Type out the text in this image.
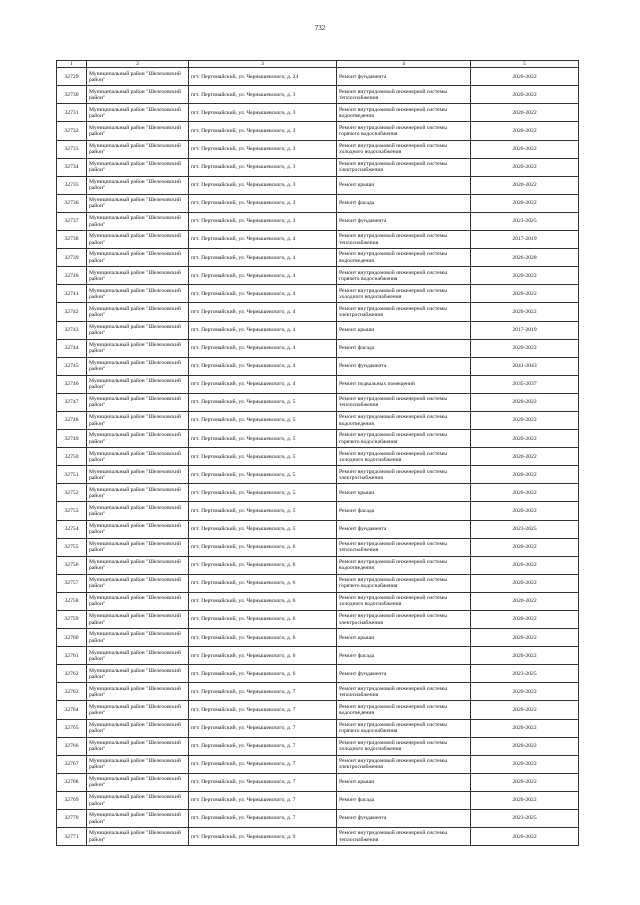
732
1	2	3	4	5
32729	Муниципальный район "Шелеховский район"	пгт. Пертомайский, ул. Чернышевского, д. 24	Ремонт фундамента	2020-2022
32730	Муниципальный район "Шелеховский район"	пгт. Пертомайский, ул. Чернышевского, д. 3	Ремонт внутридомовой инженерной системы теплоснабжения	2020-2022
32731	Муниципальный район "Шелеховский район"	пгт. Пертомайский, ул. Чернышевского, д. 3	Ремонт внутридомовой инженерной системы водоотведения	2020-2022
32732	Муниципальный район "Шелеховский район"	пгт. Пертомайский, ул. Чернышевского, д. 3	Ремонт внутридомовой инженерной системы горячего водоснабжения	2020-2022
32733	Муниципальный район "Шелеховский район"	пгт. Пертомайский, ул. Чернышевского, д. 3	Ремонт внутридомовой инженерной системы холодного водоснабжения	2020-2022
32734	Муниципальный район "Шелеховский район"	пгт. Пертомайский, ул. Чернышевского, д. 3	Ремонт внутридомовой инженерной системы электроснабжения	2020-2022
32735	Муниципальный район "Шелеховский район"	пгт. Пертомайский, ул. Чернышевского, д. 3	Ремонт крыши	2020-2022
32736	Муниципальный район "Шелеховский район"	пгт. Пертомайский, ул. Чернышевского, д. 3	Ремонт фасада	2020-2022
32737	Муниципальный район "Шелеховский район"	пгт. Пертомайский, ул. Чернышевского, д. 3	Ремонт фундамента	2023-2025
32738	Муниципальный район "Шелеховский район"	пгт. Пертомайский, ул. Чернышевского, д. 4	Ремонт внутридомовой инженерной системы теплоснабжения	2017-2019
32739	Муниципальный район "Шелеховский район"	пгт. Пертомайский, ул. Чернышевского, д. 4	Ремонт внутридомовой инженерной системы водоотведения	2026-2028
32740	Муниципальный район "Шелеховский район"	пгт. Пертомайский, ул. Чернышевского, д. 4	Ремонт внутридомовой инженерной системы горячего водоснабжения	2020-2022
32741	Муниципальный район "Шелеховский район"	пгт. Пертомайский, ул. Чернышевского, д. 4	Ремонт внутридомовой инженерной системы холодного водоснабжения	2020-2022
32742	Муниципальный район "Шелеховский район"	пгт. Пертомайский, ул. Чернышевского, д. 4	Ремонт внутридомовой инженерной системы электроснабжения	2020-2022
32743	Муниципальный район "Шелеховский район"	пгт. Пертомайский, ул. Чернышевского, д. 4	Ремонт крыши	2017-2019
32744	Муниципальный район "Шелеховский район"	пгт. Пертомайский, ул. Чернышевского, д. 4	Ремонт фасада	2020-2022
32745	Муниципальный район "Шелеховский район"	пгт. Пертомайский, ул. Чернышевского, д. 4	Ремонт фундамента	2041-2043
32746	Муниципальный район "Шелеховский район"	пгт. Пертомайский, ул. Чернышевского, д. 4	Ремонт подвальных помещений	2035-2037
32747	Муниципальный район "Шелеховский район"	пгт. Пертомайский, ул. Чернышевского, д. 5	Ремонт внутридомовой инженерной системы теплоснабжения	2020-2022
32748	Муниципальный район "Шелеховский район"	пгт. Пертомайский, ул. Чернышевского, д. 5	Ремонт внутридомовой инженерной системы водоотведения	2020-2022
32749	Муниципальный район "Шелеховский район"	пгт. Пертомайский, ул. Чернышевского, д. 5	Ремонт внутридомовой инженерной системы горячего водоснабжения	2020-2022
32750	Муниципальный район "Шелеховский район"	пгт. Пертомайский, ул. Чернышевского, д. 5	Ремонт внутридомовой инженерной системы холодного водоснабжения	2020-2022
32751	Муниципальный район "Шелеховский район"	пгт. Пертомайский, ул. Чернышевского, д. 5	Ремонт внутридомовой инженерной системы электроснабжения	2020-2022
32752	Муниципальный район "Шелеховский район"	пгт. Пертомайский, ул. Чернышевского, д. 5	Ремонт крыши	2020-2022
32753	Муниципальный район "Шелеховский район"	пгт. Пертомайский, ул. Чернышевского, д. 5	Ремонт фасада	2020-2022
32754	Муниципальный район "Шелеховский район"	пгт. Пертомайский, ул. Чернышевского, д. 5	Ремонт фундамента	2023-2025
32755	Муниципальный район "Шелеховский район"	пгт. Пертомайский, ул. Чернышевского, д. 6	Ремонт внутридомовой инженерной системы теплоснабжения	2020-2022
32756	Муниципальный район "Шелеховский район"	пгт. Пертомайский, ул. Чернышевского, д. 6	Ремонт внутридомовой инженерной системы водоотведения	2020-2022
32757	Муниципальный район "Шелеховский район"	пгт. Пертомайский, ул. Чернышевского, д. 6	Ремонт внутридомовой инженерной системы горячего водоснабжения	2020-2022
32758	Муниципальный район "Шелеховский район"	пгт. Пертомайский, ул. Чернышевского, д. 6	Ремонт внутридомовой инженерной системы холодного водоснабжения	2020-2022
32759	Муниципальный район "Шелеховский район"	пгт. Пертомайский, ул. Чернышевского, д. 6	Ремонт внутридомовой инженерной системы электроснабжения	2020-2022
32760	Муниципальный район "Шелеховский район"	пгт. Пертомайский, ул. Чернышевского, д. 6	Ремонт крыши	2020-2022
32761	Муниципальный район "Шелеховский район"	пгт. Пертомайский, ул. Чернышевского, д. 6	Ремонт фасада	2020-2022
32762	Муниципальный район "Шелеховский район"	пгт. Пертомайский, ул. Чернышевского, д. 6	Ремонт фундамента	2023-2025
32763	Муниципальный район "Шелеховский район"	пгт. Пертомайский, ул. Чернышевского, д. 7	Ремонт внутридомовой инженерной системы теплоснабжения	2020-2022
32764	Муниципальный район "Шелеховский район"	пгт. Пертомайский, ул. Чернышевского, д. 7	Ремонт внутридомовой инженерной системы водоотведения	2020-2022
32765	Муниципальный район "Шелеховский район"	пгт. Пертомайский, ул. Чернышевского, д. 7	Ремонт внутридомовой инженерной системы горячего водоснабжения	2020-2022
32766	Муниципальный район "Шелеховский район"	пгт. Пертомайский, ул. Чернышевского, д. 7	Ремонт внутридомовой инженерной системы холодного водоснабжения	2020-2022
32767	Муниципальный район "Шелеховский район"	пгт. Пертомайский, ул. Чернышевского, д. 7	Ремонт внутридомовой инженерной системы электроснабжения	2020-2022
32768	Муниципальный район "Шелеховский район"	пгт. Пертомайский, ул. Чернышевского, д. 7	Ремонт крыши	2020-2022
32769	Муниципальный район "Шелеховский район"	пгт. Пертомайский, ул. Чернышевского, д. 7	Ремонт фасада	2020-2022
32770	Муниципальный район "Шелеховский район"	пгт. Пертомайский, ул. Чернышевского, д. 7	Ремонт фундамента	2023-2025
32771	Муниципальный район "Шелеховский район"	пгт. Пертомайский, ул. Чернышевского, д. 9	Ремонт внутридомовой инженерной системы теплоснабжения	2020-2022
